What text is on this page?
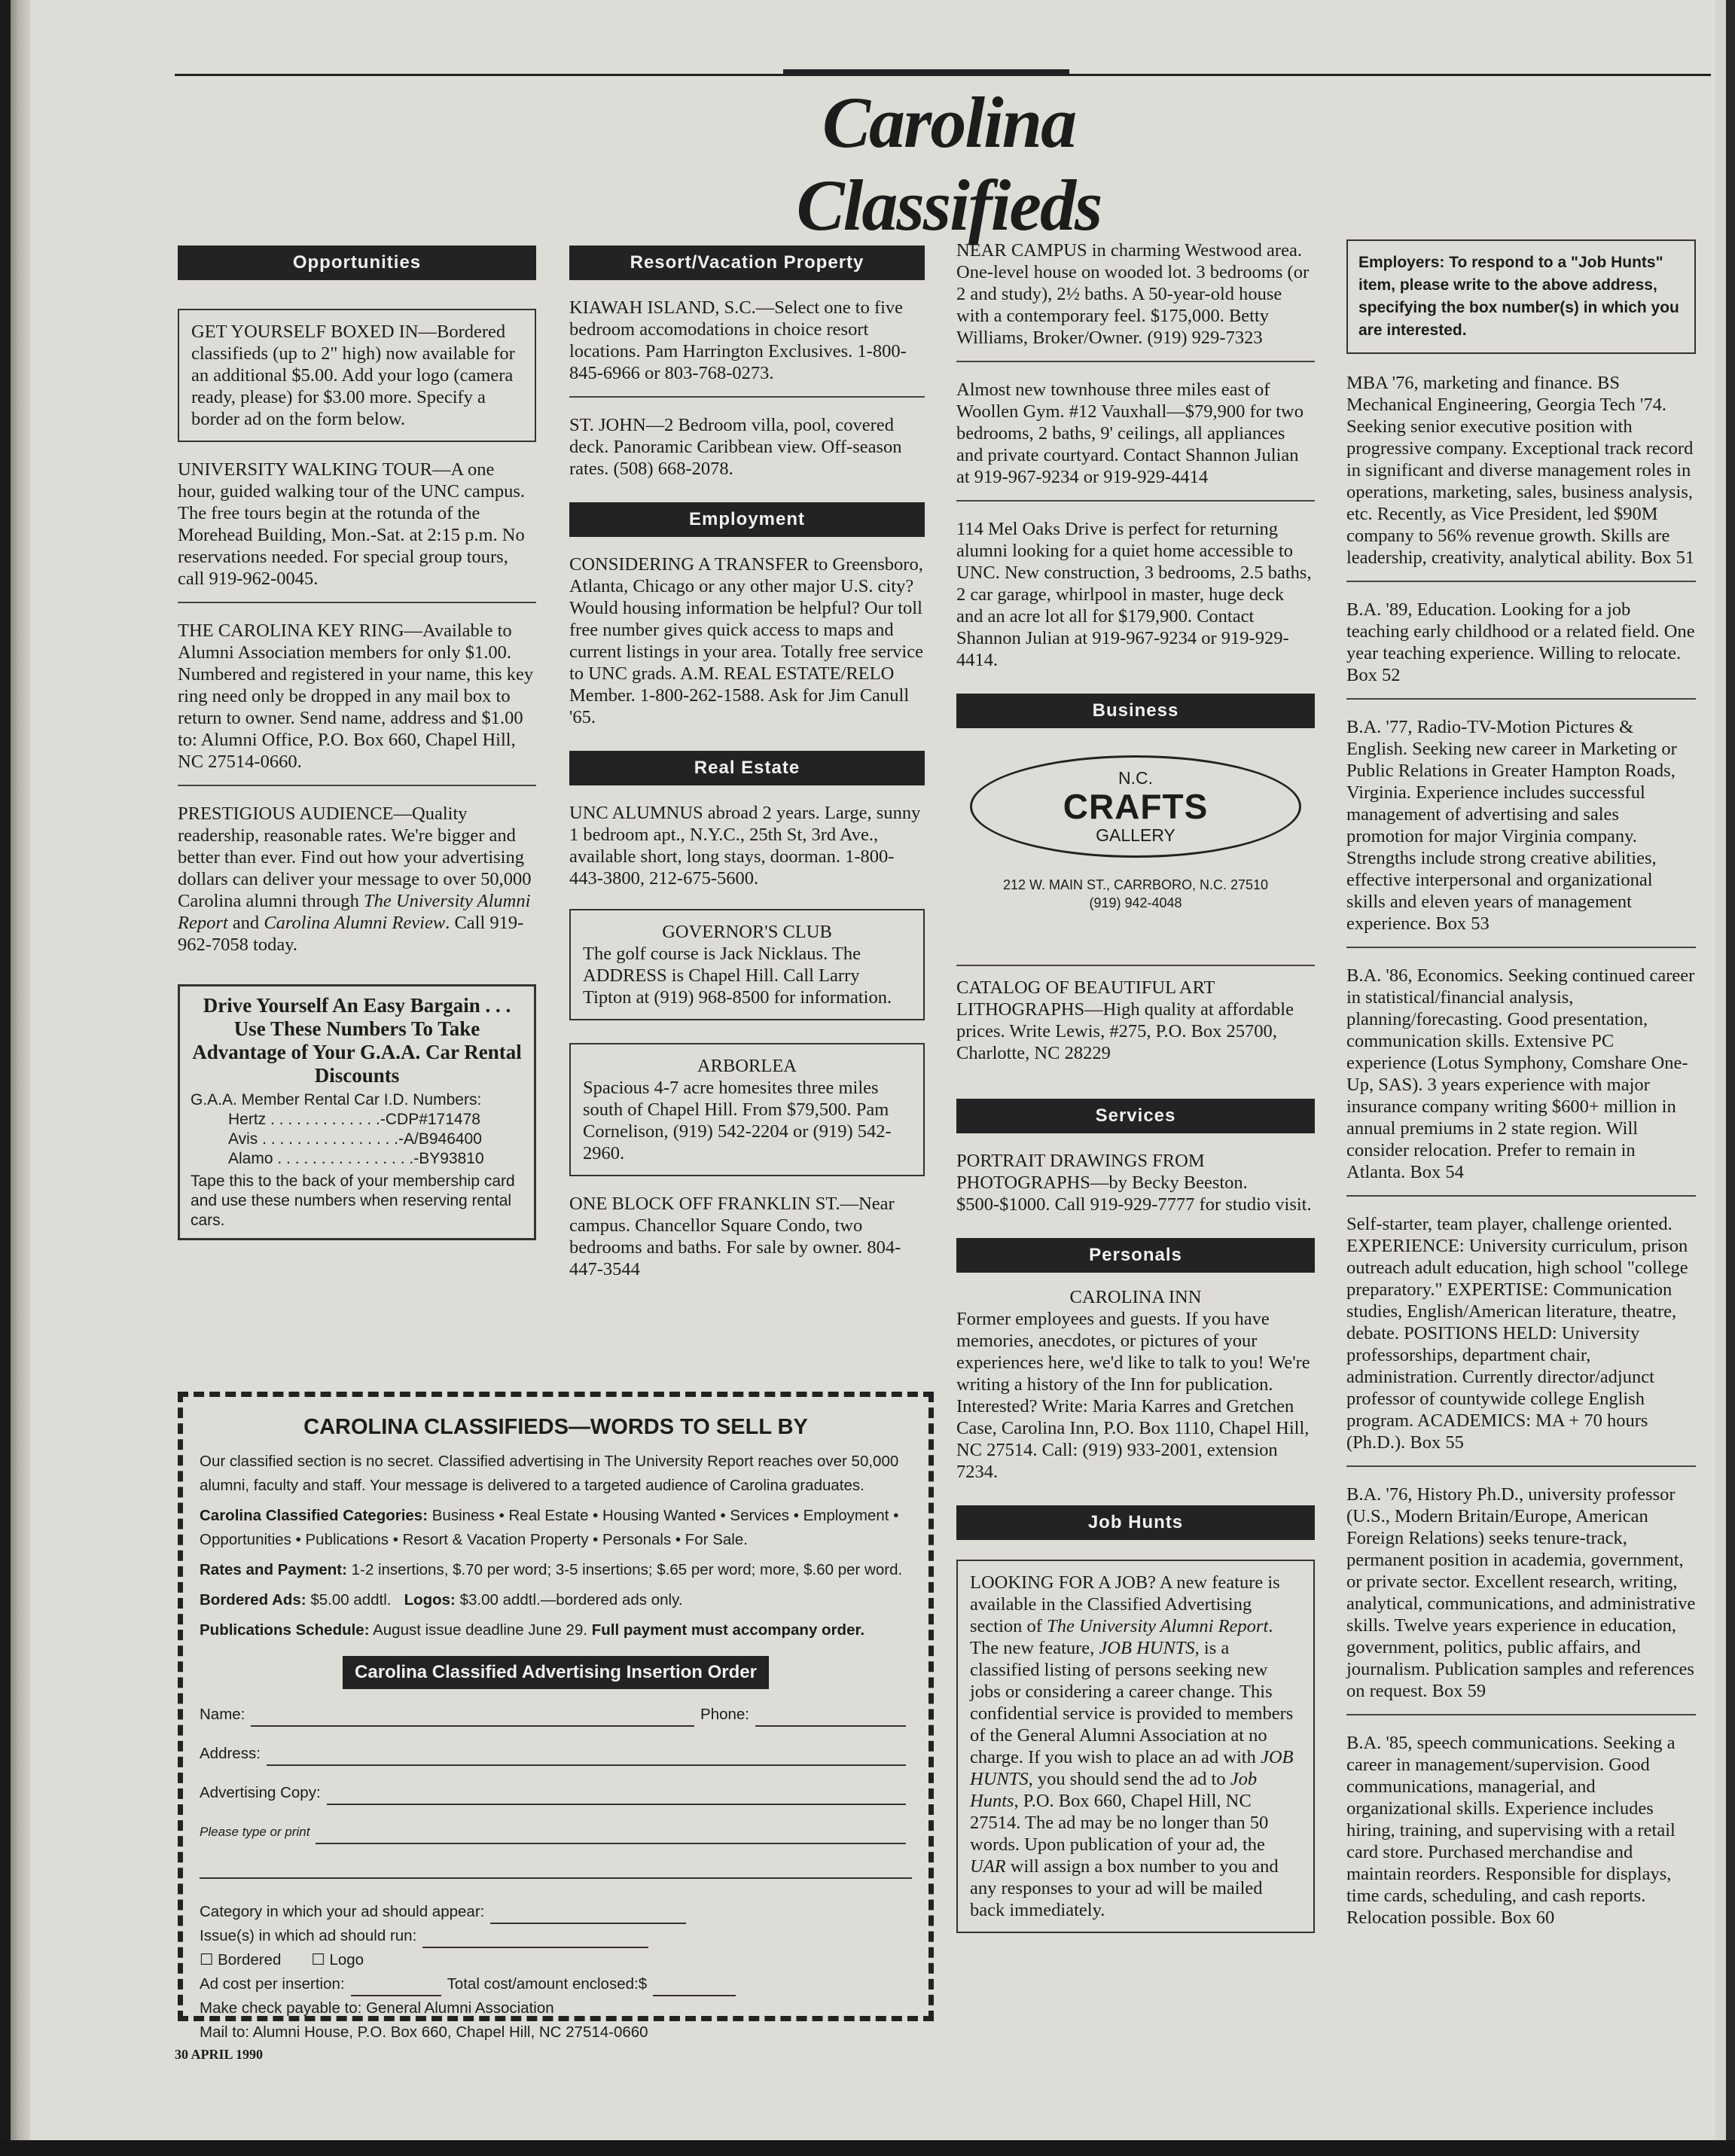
Carolina Classifieds
Opportunities
GET YOURSELF BOXED IN—Bordered classifieds (up to 2" high) now available for an additional $5.00. Add your logo (camera ready, please) for $3.00 more. Specify a border ad on the form below.
UNIVERSITY WALKING TOUR—A one hour, guided walking tour of the UNC campus. The free tours begin at the rotunda of the Morehead Building, Mon.-Sat. at 2:15 p.m. No reservations needed. For special group tours, call 919-962-0045.
THE CAROLINA KEY RING—Available to Alumni Association members for only $1.00. Numbered and registered in your name, this key ring need only be dropped in any mail box to return to owner. Send name, address and $1.00 to: Alumni Office, P.O. Box 660, Chapel Hill, NC 27514-0660.
PRESTIGIOUS AUDIENCE—Quality readership, reasonable rates. We're bigger and better than ever. Find out how your advertising dollars can deliver your message to over 50,000 Carolina alumni through The University Alumni Report and Carolina Alumni Review. Call 919-962-7058 today.
Drive Yourself An Easy Bargain . . . Use These Numbers To Take Advantage of Your G.A.A. Car Rental Discounts
G.A.A. Member Rental Car I.D. Numbers:
Hertz . . . . . . . . . . . . .-CDP#171478
Avis . . . . . . . . . . . . . . . .-A/B946400
Alamo . . . . . . . . . . . . . . . .-BY93810
Tape this to the back of your membership card and use these numbers when reserving rental cars.
Resort/Vacation Property
KIAWAH ISLAND, S.C.—Select one to five bedroom accomodations in choice resort locations. Pam Harrington Exclusives. 1-800-845-6966 or 803-768-0273.
ST. JOHN—2 Bedroom villa, pool, covered deck. Panoramic Caribbean view. Off-season rates. (508) 668-2078.
Employment
CONSIDERING A TRANSFER to Greensboro, Atlanta, Chicago or any other major U.S. city? Would housing information be helpful? Our toll free number gives quick access to maps and current listings in your area. Totally free service to UNC grads. A.M. REAL ESTATE/RELO Member. 1-800-262-1588. Ask for Jim Canull '65.
Real Estate
UNC ALUMNUS abroad 2 years. Large, sunny 1 bedroom apt., N.Y.C., 25th St, 3rd Ave., available short, long stays, doorman. 1-800-443-3800, 212-675-5600.
GOVERNOR'S CLUB
The golf course is Jack Nicklaus. The ADDRESS is Chapel Hill. Call Larry Tipton at (919) 968-8500 for information.
ARBORLEA
Spacious 4-7 acre homesites three miles south of Chapel Hill. From $79,500. Pam Cornelison, (919) 542-2204 or (919) 542-2960.
ONE BLOCK OFF FRANKLIN ST.—Near campus. Chancellor Square Condo, two bedrooms and baths. For sale by owner. 804-447-3544
NEAR CAMPUS in charming Westwood area. One-level house on wooded lot. 3 bedrooms (or 2 and study), 2½ baths. A 50-year-old house with a contemporary feel. $175,000. Betty Williams, Broker/Owner. (919) 929-7323
Almost new townhouse three miles east of Woollen Gym. #12 Vauxhall—$79,900 for two bedrooms, 2 baths, 9' ceilings, all appliances and private courtyard. Contact Shannon Julian at 919-967-9234 or 919-929-4414
114 Mel Oaks Drive is perfect for returning alumni looking for a quiet home accessible to UNC. New construction, 3 bedrooms, 2.5 baths, 2 car garage, whirlpool in master, huge deck and an acre lot all for $179,900. Contact Shannon Julian at 919-967-9234 or 919-929-4414.
Business
N.C.
CRAFTS
GALLERY
212 W. MAIN ST., CARRBORO, N.C. 27510
(919) 942-4048
CATALOG OF BEAUTIFUL ART LITHOGRAPHS—High quality at affordable prices. Write Lewis, #275, P.O. Box 25700, Charlotte, NC 28229
Services
PORTRAIT DRAWINGS FROM PHOTOGRAPHS—by Becky Beeston. $500-$1000. Call 919-929-7777 for studio visit.
Personals
CAROLINA INN
Former employees and guests. If you have memories, anecdotes, or pictures of your experiences here, we'd like to talk to you! We're writing a history of the Inn for publication. Interested? Write: Maria Karres and Gretchen Case, Carolina Inn, P.O. Box 1110, Chapel Hill, NC 27514. Call: (919) 933-2001, extension 7234.
Job Hunts
LOOKING FOR A JOB? A new feature is available in the Classified Advertising section of The University Alumni Report. The new feature, JOB HUNTS, is a classified listing of persons seeking new jobs or considering a career change. This confidential service is provided to members of the General Alumni Association at no charge. If you wish to place an ad with JOB HUNTS, you should send the ad to Job Hunts, P.O. Box 660, Chapel Hill, NC 27514. The ad may be no longer than 50 words. Upon publication of your ad, the UAR will assign a box number to you and any responses to your ad will be mailed back immediately.
Employers: To respond to a "Job Hunts" item, please write to the above address, specifying the box number(s) in which you are interested.
MBA '76, marketing and finance. BS Mechanical Engineering, Georgia Tech '74. Seeking senior executive position with progressive company. Exceptional track record in significant and diverse management roles in operations, marketing, sales, business analysis, etc. Recently, as Vice President, led $90M company to 56% revenue growth. Skills are leadership, creativity, analytical ability. Box 51
B.A. '89, Education. Looking for a job teaching early childhood or a related field. One year teaching experience. Willing to relocate. Box 52
B.A. '77, Radio-TV-Motion Pictures & English. Seeking new career in Marketing or Public Relations in Greater Hampton Roads, Virginia. Experience includes successful management of advertising and sales promotion for major Virginia company. Strengths include strong creative abilities, effective interpersonal and organizational skills and eleven years of management experience. Box 53
B.A. '86, Economics. Seeking continued career in statistical/financial analysis, planning/forecasting. Good presentation, communication skills. Extensive PC experience (Lotus Symphony, Comshare One-Up, SAS). 3 years experience with major insurance company writing $600+ million in annual premiums in 2 state region. Will consider relocation. Prefer to remain in Atlanta. Box 54
Self-starter, team player, challenge oriented. EXPERIENCE: University curriculum, prison outreach adult education, high school "college preparatory." EXPERTISE: Communication studies, English/American literature, theatre, debate. POSITIONS HELD: University professorships, department chair, administration. Currently director/adjunct professor of countywide college English program. ACADEMICS: MA + 70 hours (Ph.D.). Box 55
B.A. '76, History Ph.D., university professor (U.S., Modern Britain/Europe, American Foreign Relations) seeks tenure-track, permanent position in academia, government, or private sector. Excellent research, writing, analytical, communications, and administrative skills. Twelve years experience in education, government, politics, public affairs, and journalism. Publication samples and references on request. Box 59
B.A. '85, speech communications. Seeking a career in management/supervision. Good communications, managerial, and organizational skills. Experience includes hiring, training, and supervising with a retail card store. Purchased merchandise and maintain reorders. Responsible for displays, time cards, scheduling, and cash reports. Relocation possible. Box 60
CAROLINA CLASSIFIEDS—WORDS TO SELL BY

Our classified section is no secret. Classified advertising in The University Report reaches over 50,000 alumni, faculty and staff. Your message is delivered to a targeted audience of Carolina graduates.

Carolina Classified Categories: Business • Real Estate • Housing Wanted • Services • Employment • Opportunities • Publications • Resort & Vacation Property • Personals • For Sale.

Rates and Payment: 1-2 insertions, $.70 per word; 3-5 insertions; $.65 per word; more, $.60 per word.

Bordered Ads: $5.00 addtl. Logos: $3.00 addtl.—bordered ads only.

Publications Schedule: August issue deadline June 29. Full payment must accompany order.

Carolina Classified Advertising Insertion Order
Name:	Phone:
Address:
Advertising Copy:
Please type or print
Category in which your ad should appear:
Issue(s) in which ad should run:
☐ Bordered ☐ Logo
Ad cost per insertion:	Total cost/amount enclosed:$
Make check payable to: General Alumni Association
Mail to: Alumni House, P.O. Box 660, Chapel Hill, NC 27514-0660
30 APRIL 1990
